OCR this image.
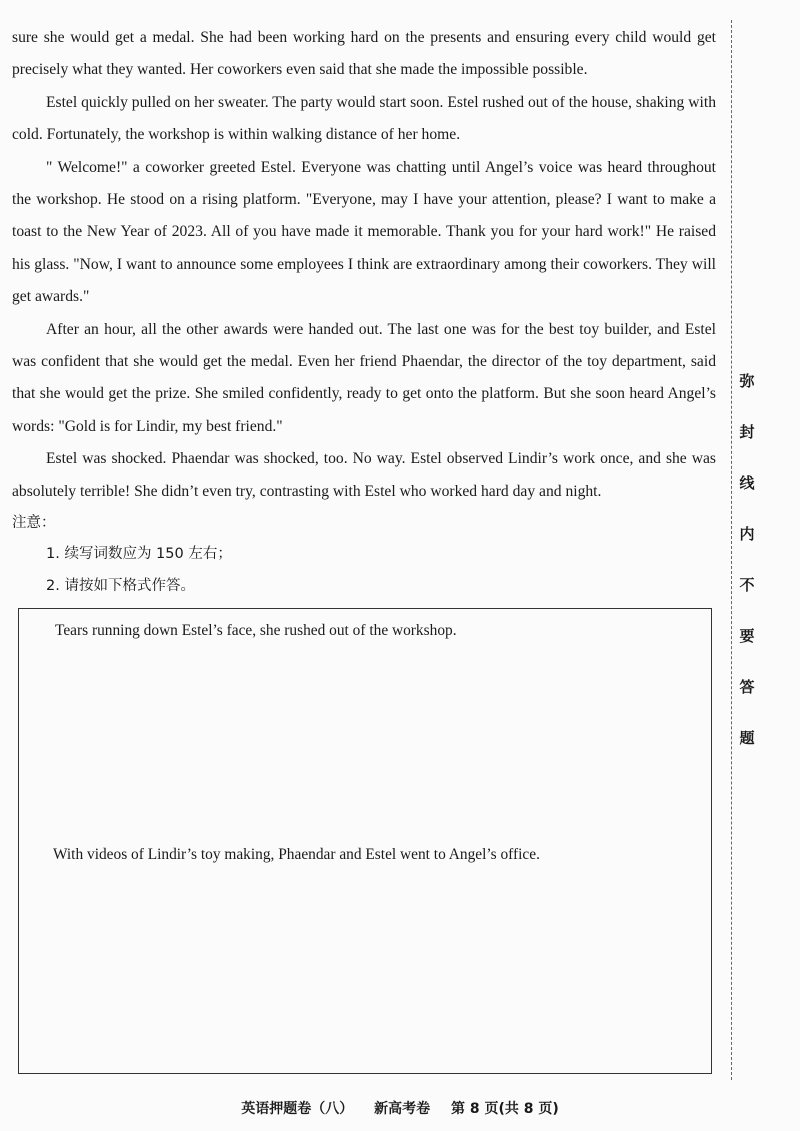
sure she would get a medal. She had been working hard on the presents and ensuring every child would get precisely what they wanted. Her coworkers even said that she made the impossible possible.

Estel quickly pulled on her sweater. The party would start soon. Estel rushed out of the house, shaking with cold. Fortunately, the workshop is within walking distance of her home.

" Welcome!" a coworker greeted Estel. Everyone was chatting until Angel’s voice was heard throughout the workshop. He stood on a rising platform. "Everyone, may I have your attention, please? I want to make a toast to the New Year of 2023. All of you have made it memorable. Thank you for your hard work!" He raised his glass. "Now, I want to announce some employees I think are extraordinary among their coworkers. They will get awards."

After an hour, all the other awards were handed out. The last one was for the best toy builder, and Estel was confident that she would get the medal. Even her friend Phaendar, the director of the toy department, said that she would get the prize. She smiled confidently, ready to get onto the platform. But she soon heard Angel’s words: "Gold is for Lindir, my best friend."

Estel was shocked. Phaendar was shocked, too. No way. Estel observed Lindir’s work once, and she was absolutely terrible! She didn’t even try, contrasting with Estel who worked hard day and night.

注意：
1. 续写词数应为 150 左右；
2. 请按如下格式作答。
Tears running down Estel’s face, she rushed out of the workshop.
With videos of Lindir’s toy making, Phaendar and Estel went to Angel’s office.
弥
封
线
内
不
要
答
题
英语押题卷（八） 新高考卷 第 8 页(共 8 页)
